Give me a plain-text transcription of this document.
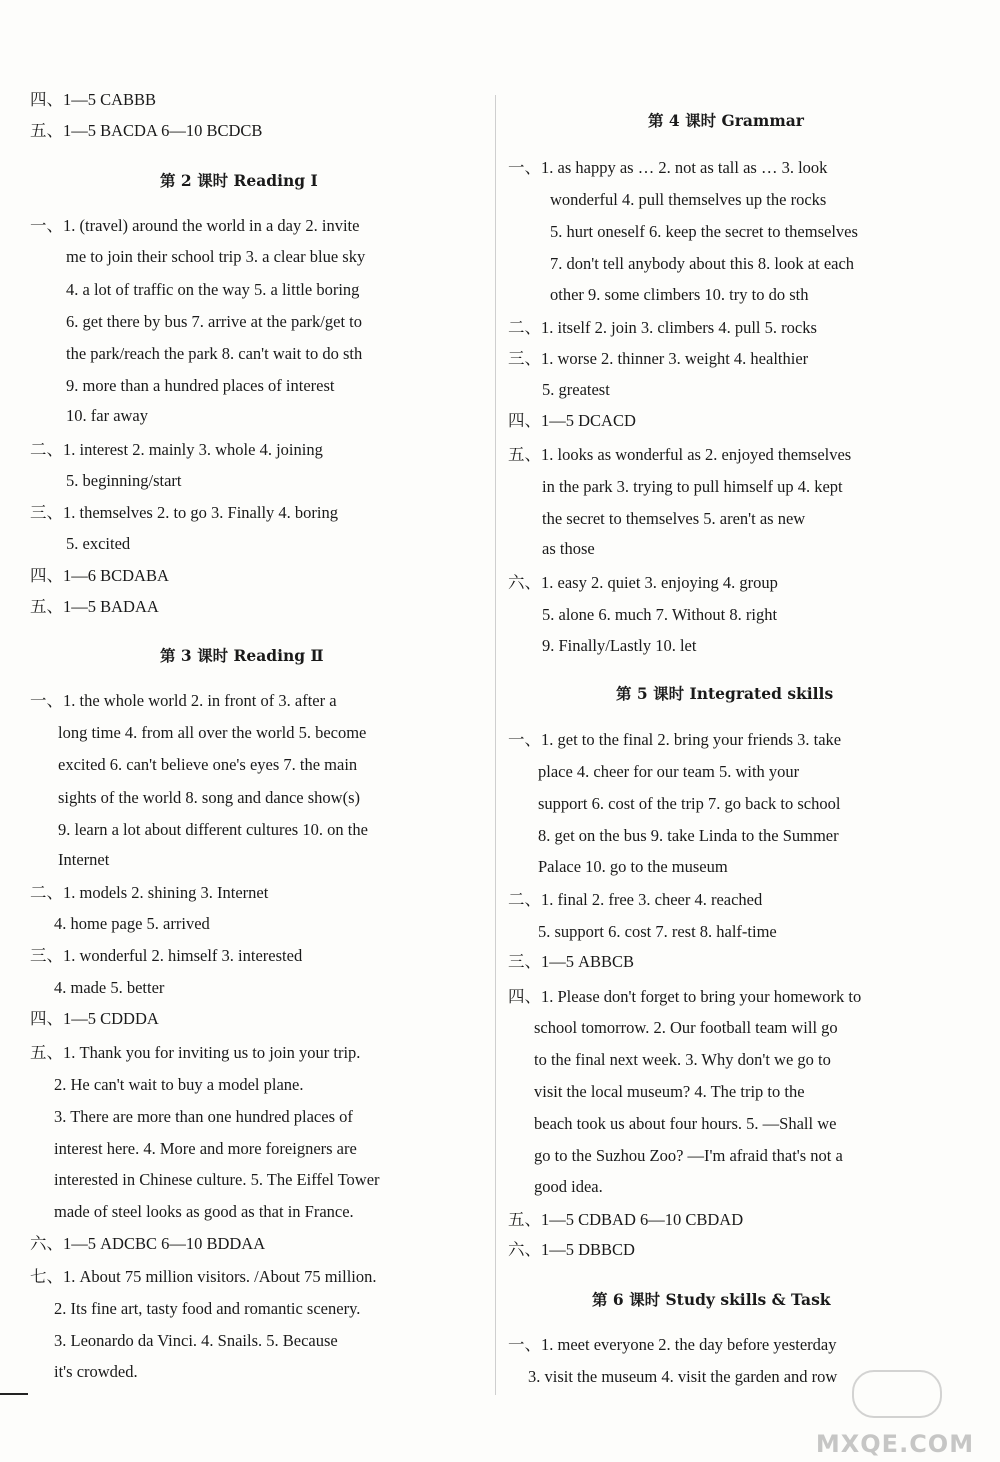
四、1—5 CABBB
五、1—5 BACDA 6—10 BCDCB
第 2 课时 Reading Ⅰ
一、1. (travel) around the world in a day 2. invite
me to join their school trip 3. a clear blue sky
4. a lot of traffic on the way 5. a little boring
6. get there by bus 7. arrive at the park/get to
the park/reach the park 8. can't wait to do sth
9. more than a hundred places of interest
10. far away
二、1. interest 2. mainly 3. whole 4. joining
5. beginning/start
三、1. themselves 2. to go 3. Finally 4. boring
5. excited
四、1—6 BCDABA
五、1—5 BADAA
第 3 课时 Reading Ⅱ
一、1. the whole world 2. in front of 3. after a
long time 4. from all over the world 5. become
excited 6. can't believe one's eyes 7. the main
sights of the world 8. song and dance show(s)
9. learn a lot about different cultures 10. on the
Internet
二、1. models 2. shining 3. Internet
4. home page 5. arrived
三、1. wonderful 2. himself 3. interested
4. made 5. better
四、1—5 CDDDA
五、1. Thank you for inviting us to join your trip.
2. He can't wait to buy a model plane.
3. There are more than one hundred places of
interest here. 4. More and more foreigners are
interested in Chinese culture. 5. The Eiffel Tower
made of steel looks as good as that in France.
六、1—5 ADCBC 6—10 BDDAA
七、1. About 75 million visitors. /About 75 million.
2. Its fine art, tasty food and romantic scenery.
3. Leonardo da Vinci. 4. Snails. 5. Because
it's crowded.
第 4 课时 Grammar
一、1. as happy as … 2. not as tall as … 3. look
wonderful 4. pull themselves up the rocks
5. hurt oneself 6. keep the secret to themselves
7. don't tell anybody about this 8. look at each
other 9. some climbers 10. try to do sth
二、1. itself 2. join 3. climbers 4. pull 5. rocks
三、1. worse 2. thinner 3. weight 4. healthier
5. greatest
四、1—5 DCACD
五、1. looks as wonderful as 2. enjoyed themselves
in the park 3. trying to pull himself up 4. kept
the secret to themselves 5. aren't as new
as those
六、1. easy 2. quiet 3. enjoying 4. group
5. alone 6. much 7. Without 8. right
9. Finally/Lastly 10. let
第 5 课时 Integrated skills
一、1. get to the final 2. bring your friends 3. take
place 4. cheer for our team 5. with your
support 6. cost of the trip 7. go back to school
8. get on the bus 9. take Linda to the Summer
Palace 10. go to the museum
二、1. final 2. free 3. cheer 4. reached
5. support 6. cost 7. rest 8. half-time
三、1—5 ABBCB
四、1. Please don't forget to bring your homework to
school tomorrow. 2. Our football team will go
to the final next week. 3. Why don't we go to
visit the local museum? 4. The trip to the
beach took us about four hours. 5. —Shall we
go to the Suzhou Zoo? —I'm afraid that's not a
good idea.
五、1—5 CDBAD 6—10 CBDAD
六、1—5 DBBCD
第 6 课时 Study skills & Task
一、1. meet everyone 2. the day before yesterday
3. visit the museum 4. visit the garden and row
MXQE.COM
